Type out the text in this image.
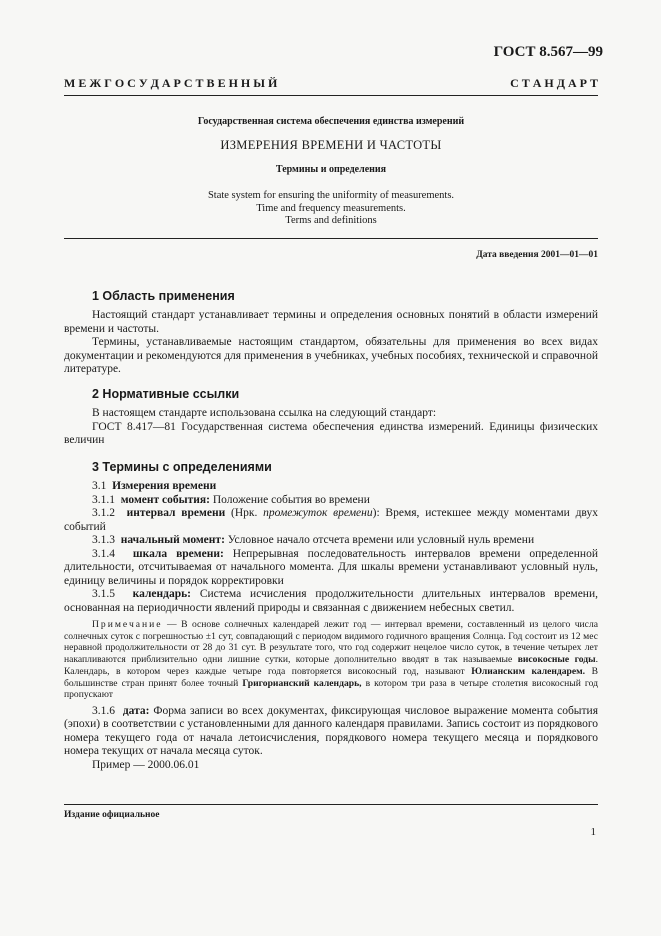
ГОСТ 8.567—99
М Е Ж Г О С У Д А Р С Т В Е Н Н Ы Й	С Т А Н Д А Р Т
Государственная система обеспечения единства измерений
ИЗМЕРЕНИЯ ВРЕМЕНИ И ЧАСТОТЫ
Термины и определения
State system for ensuring the uniformity of measurements.
Time and frequency measurements.
Terms and definitions
Дата введения 2001—01—01
1 Область применения

Настоящий стандарт устанавливает термины и определения основных понятий в области измерений времени и частоты.

Термины, устанавливаемые настоящим стандартом, обязательны для применения во всех видах документации и рекомендуются для применения в учебниках, учебных пособиях, технической и справочной литературе.

2 Нормативные ссылки

В настоящем стандарте использована ссылка на следующий стандарт:

ГОСТ 8.417—81 Государственная система обеспечения единства измерений. Единицы физических величин

3 Термины с определениями

3.1 Измерения времени

3.1.1 момент события: Положение события во времени

3.1.2 интервал времени (Нрк. промежуток времени): Время, истекшее между моментами двух событий

3.1.3 начальный момент: Условное начало отсчета времени или условный нуль времени

3.1.4 шкала времени: Непрерывная последовательность интервалов времени определенной длительности, отсчитываемая от начального момента. Для шкалы времени устанавливают условный нуль, единицу величины и порядок корректировки

3.1.5 календарь: Система исчисления продолжительности длительных интервалов времени, основанная на периодичности явлений природы и связанная с движением небесных светил.

Примечание — В основе солнечных календарей лежит год — интервал времени, составленный из целого числа солнечных суток с погрешностью ±1 сут, совпадающий с периодом видимого годичного вращения Солнца. Год состоит из 12 мес неравной продолжительности от 28 до 31 сут. В результате того, что год содержит нецелое число суток, в течение четырех лет накапливаются приблизительно одни лишние сутки, которые дополнительно вводят в так называемые високосные годы. Календарь, в котором через каждые четыре года повторяется високосный год, называют Юлианским календарем. В большинстве стран принят более точный Григорианский календарь, в котором три раза в четыре столетия високосный год пропускают

3.1.6 дата: Форма записи во всех документах, фиксирующая числовое выражение момента события (эпохи) в соответствии с установленными для данного календаря правилами. Запись состоит из порядкового номера текущего года от начала летоисчисления, порядкового номера текущего месяца и порядкового номера текущих от начала месяца суток.

Пример — 2000.06.01

Издание официальное
1
